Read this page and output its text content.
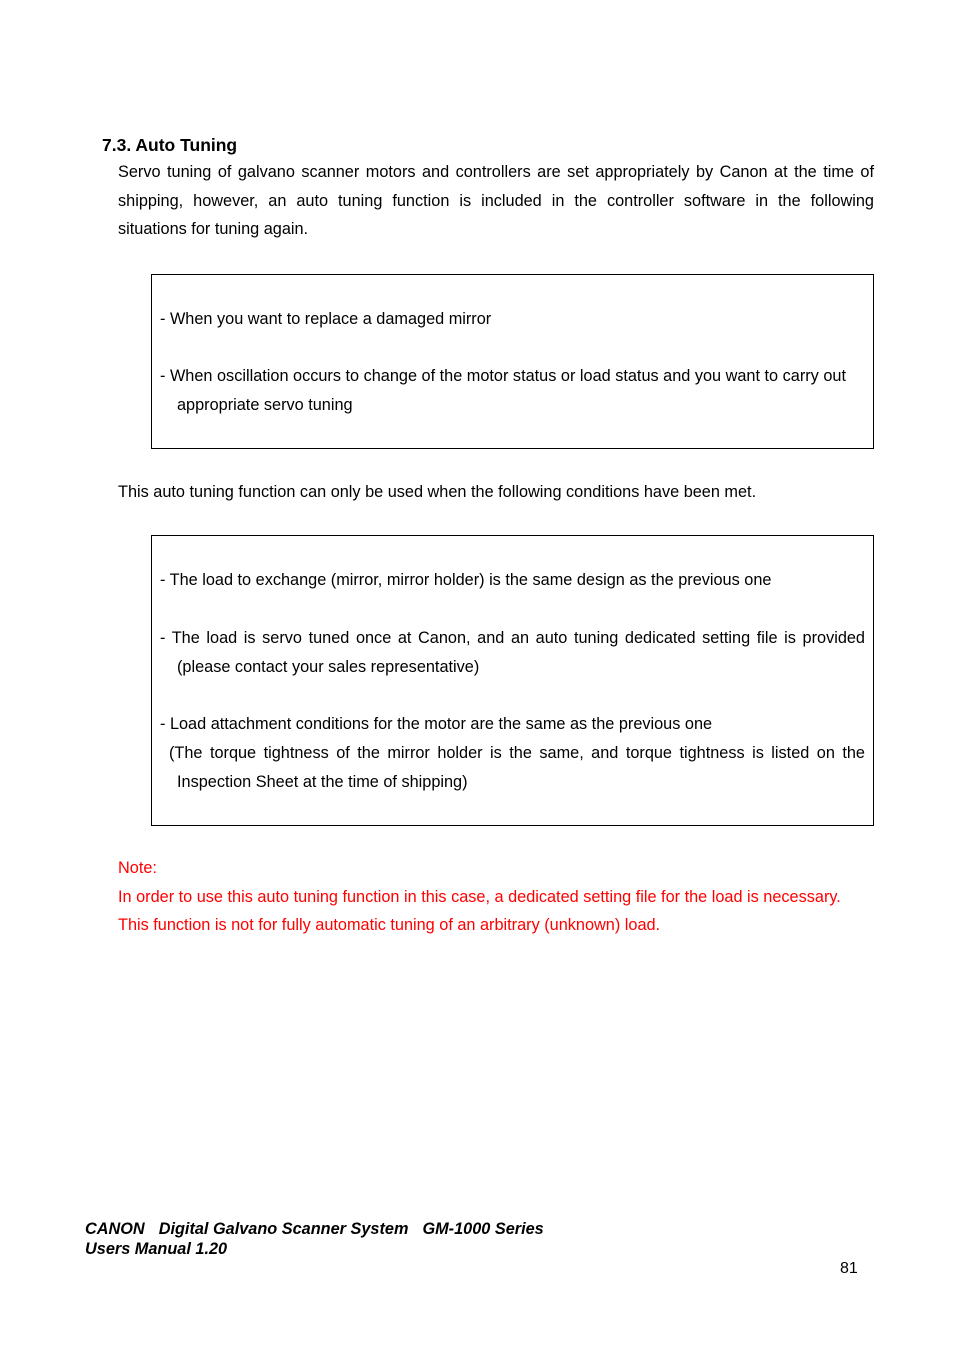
7.3. Auto Tuning
Servo tuning of galvano scanner motors and controllers are set appropriately by Canon at the time of
shipping, however, an auto tuning function is included in the controller software in the following
situations for tuning again.
- When you want to replace a damaged mirror
- When oscillation occurs to change of the motor status or load status and you want to carry out
appropriate servo tuning
This auto tuning function can only be used when the following conditions have been met.
- The load to exchange (mirror, mirror holder) is the same design as the previous one
- The load is servo tuned once at Canon, and an auto tuning dedicated setting file is provided
(please contact your sales representative)
- Load attachment conditions for the motor are the same as the previous one
(The torque tightness of the mirror holder is the same, and torque tightness is listed on the
Inspection Sheet at the time of shipping)
Note:
In order to use this auto tuning function in this case, a dedicated setting file for the load is necessary.
This function is not for fully automatic tuning of an arbitrary (unknown) load.
CANON Digital Galvano Scanner System GM-1000 Series
Users Manual 1.20
81
